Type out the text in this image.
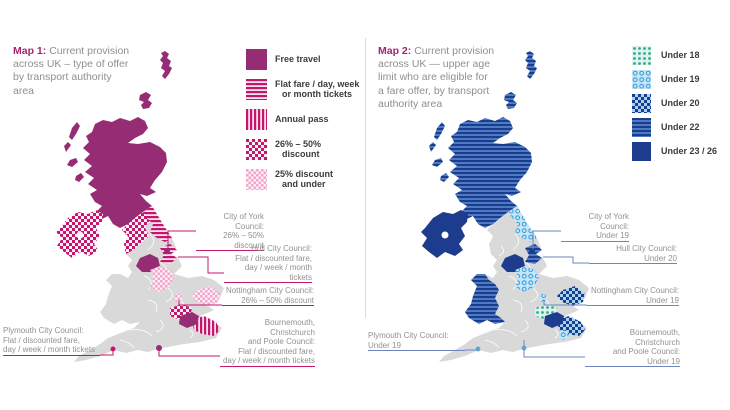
Map 1: Current provision
across UK – type of offer
by transport authority
area
Free travel
Flat fare / day, week
or month tickets
Annual pass
26% – 50%
discount
25% discount
and under
City of York Council:
26% – 50% discount
Hull City Council:
Flat / discounted fare,
day / week / month tickets
Nottingham City Council:
26% – 50% discount
Bournemouth, Christchurch
and Poole Council:
Flat / discounted fare,
day / week / month tickets
Plymouth City Council:
Flat / discounted fare,
day / week / month tickets
Map 2: Current provision
across UK — upper age
limit who are eligible for
a fare offer, by transport
authority area
Under 18
Under 19
Under 20
Under 22
Under 23 / 26
City of York Council:
Under 19
Hull City Council:
Under 20
Nottingham City Council:
Under 19
Bournemouth, Christchurch
and Poole Council:
Under 19
Plymouth City Council:
Under 19
